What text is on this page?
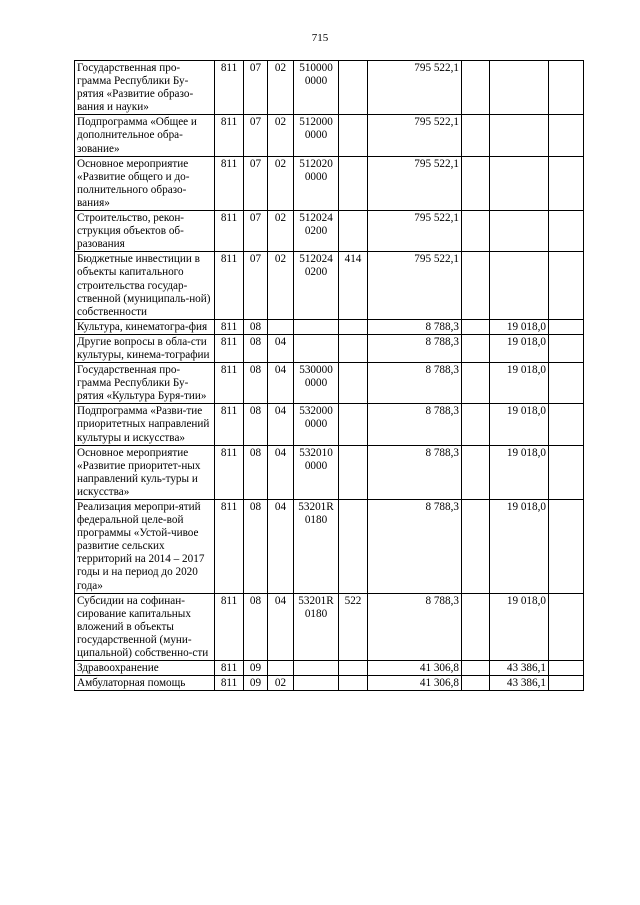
715
Государственная про-грамма Республики Бу-рятия «Развитие образо-вания и науки»	811	07	02	510000 0000		795 522,1			
Подпрограмма «Общее и дополнительное обра-зование»	811	07	02	512000 0000		795 522,1			
Основное мероприятие «Развитие общего и до-полнительного образо-вания»	811	07	02	512020 0000		795 522,1			
Строительство, рекон-струкция объектов об-разования	811	07	02	512024 0200		795 522,1			
Бюджетные инвестиции в объекты капитального строительства государ-ственной (муниципаль-ной) собственности	811	07	02	512024 0200	414	795 522,1			
Культура, кинематогра-фия	811	08				8 788,3		19 018,0	
Другие вопросы в обла-сти культуры, кинема-тографии	811	08	04			8 788,3		19 018,0	
Государственная про-грамма Республики Бу-рятия «Культура Буря-тии»	811	08	04	530000 0000		8 788,3		19 018,0	
Подпрограмма «Разви-тие приоритетных направлений культуры и искусства»	811	08	04	532000 0000		8 788,3		19 018,0	
Основное мероприятие «Развитие приоритет-ных направлений куль-туры и искусства»	811	08	04	532010 0000		8 788,3		19 018,0	
Реализация меропри-ятий федеральной целе-вой программы «Устой-чивое развитие сельских территорий на 2014 – 2017 годы и на период до 2020 года»	811	08	04	53201R 0180		8 788,3		19 018,0	
Субсидии на софинан-сирование капитальных вложений в объекты государственной (муни-ципальной) собственно-сти	811	08	04	53201R 0180	522	8 788,3		19 018,0	
Здравоохранение	811	09				41 306,8		43 386,1	
Амбулаторная помощь	811	09	02			41 306,8		43 386,1	
